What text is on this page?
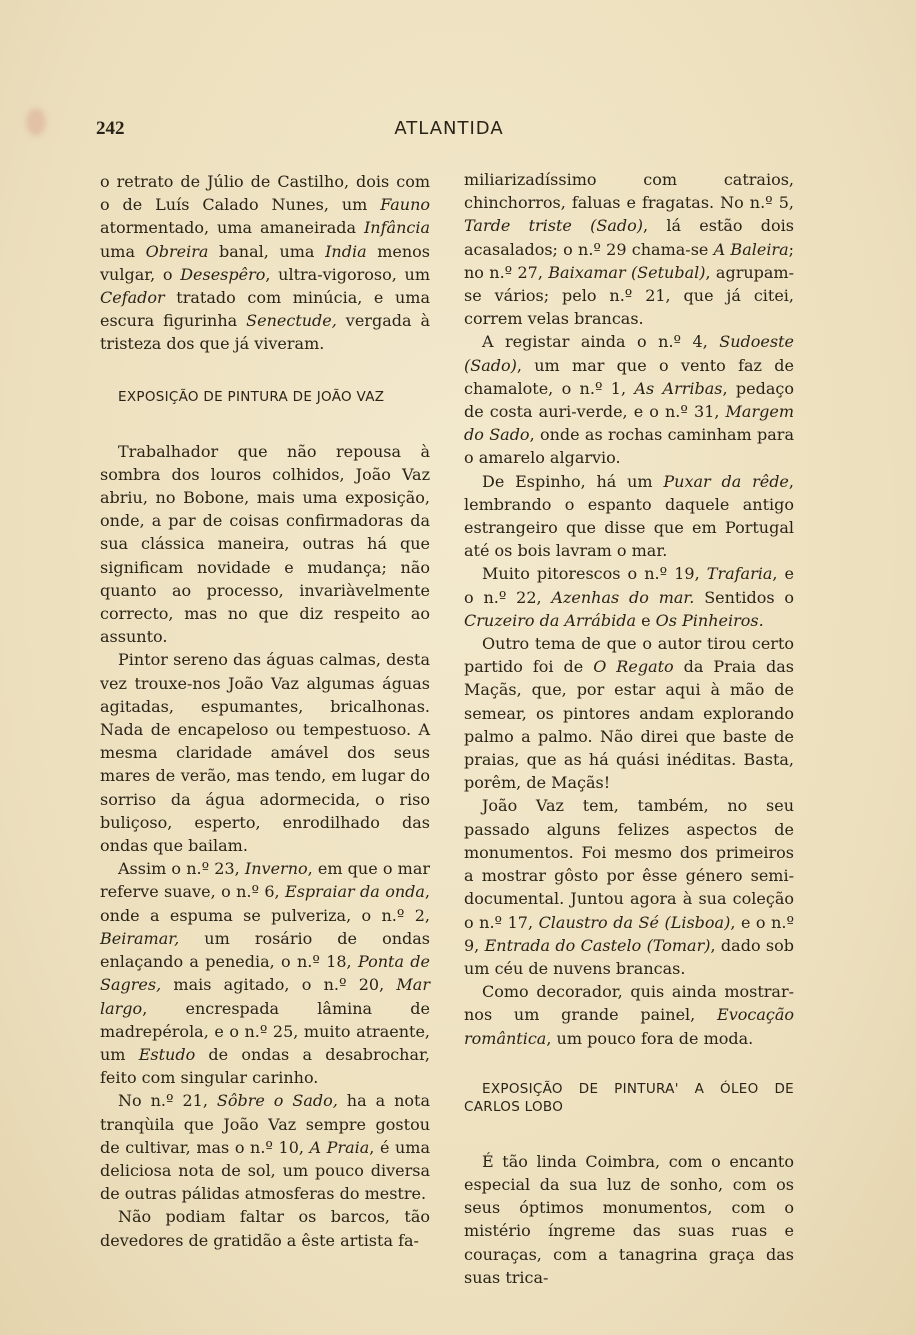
242	ATLANTIDA

o retrato de Júlio de Castilho, dois com o de Luís Calado Nunes, um Fauno atormentado, uma amaneirada Infância uma Obreira banal, uma India menos vulgar, o Desespêro, ultra-vigoroso, um Cefador tratado com minúcia, e uma escura figurinha Senectude, vergada à tristeza dos que já viveram.

EXPOSIÇÃO DE PINTURA DE JOÃO VAZ

Trabalhador que não repousa à sombra dos louros colhidos, João Vaz abriu, no Bobone, mais uma exposição, onde, a par de coisas confirmadoras da sua clássica maneira, outras há que significam novidade e mudança; não quanto ao processo, invariàvelmente correcto, mas no que diz respeito ao assunto.

Pintor sereno das águas calmas, desta vez trouxe-nos João Vaz algumas águas agitadas, espumantes, bricalhonas. Nada de encapeloso ou tempestuoso. A mesma claridade amável dos seus mares de verão, mas tendo, em lugar do sorriso da água adormecida, o riso buliçoso, esperto, enrodilhado das ondas que bailam.

Assim o n.º 23, Inverno, em que o mar referve suave, o n.º 6, Espraiar da onda, onde a espuma se pulveriza, o n.º 2, Beiramar, um rosário de ondas enlaçando a penedia, o n.º 18, Ponta de Sagres, mais agitado, o n.º 20, Mar largo, encrespada lâmina de madrepérola, e o n.º 25, muito atraente, um Estudo de ondas a desabrochar, feito com singular carinho.

No n.º 21, Sôbre o Sado, ha a nota tranqùila que João Vaz sempre gostou de cultivar, mas o n.º 10, A Praia, é uma deliciosa nota de sol, um pouco diversa de outras pálidas atmosferas do mestre.

Não podiam faltar os barcos, tão devedores de gratidão a êste artista fa-

miliarizadíssimo com catraios, chinchorros, faluas e fragatas. No n.º 5, Tarde triste (Sado), lá estão dois acasalados; o n.º 29 chama-se A Baleira; no n.º 27, Baixamar (Setubal), agrupam-se vários; pelo n.º 21, que já citei, correm velas brancas.

A registar ainda o n.º 4, Sudoeste (Sado), um mar que o vento faz de chamalote, o n.º 1, As Arribas, pedaço de costa auri-verde, e o n.º 31, Margem do Sado, onde as rochas caminham para o amarelo algarvio.

De Espinho, há um Puxar da rêde, lembrando o espanto daquele antigo estrangeiro que disse que em Portugal até os bois lavram o mar.

Muito pitorescos o n.º 19, Trafaria, e o n.º 22, Azenhas do mar. Sentidos o Cruzeiro da Arrábida e Os Pinheiros.

Outro tema de que o autor tirou certo partido foi de O Regato da Praia das Maçãs, que, por estar aqui à mão de semear, os pintores andam explorando palmo a palmo. Não direi que baste de praias, que as há quási inéditas. Basta, porêm, de Maçãs!

João Vaz tem, também, no seu passado alguns felizes aspectos de monumentos. Foi mesmo dos primeiros a mostrar gôsto por êsse género semi-documental. Juntou agora à sua coleção o n.º 17, Claustro da Sé (Lisboa), e o n.º 9, Entrada do Castelo (Tomar), dado sob um céu de nuvens brancas.

Como decorador, quis ainda mostrar-nos um grande painel, Evocação romântica, um pouco fora de moda.

EXPOSIÇÃO DE PINTURA' A ÓLEO DE CARLOS LOBO

É tão linda Coimbra, com o encanto especial da sua luz de sonho, com os seus óptimos monumentos, com o mistério íngreme das suas ruas e couraças, com a tanagrina graça das suas trica-
